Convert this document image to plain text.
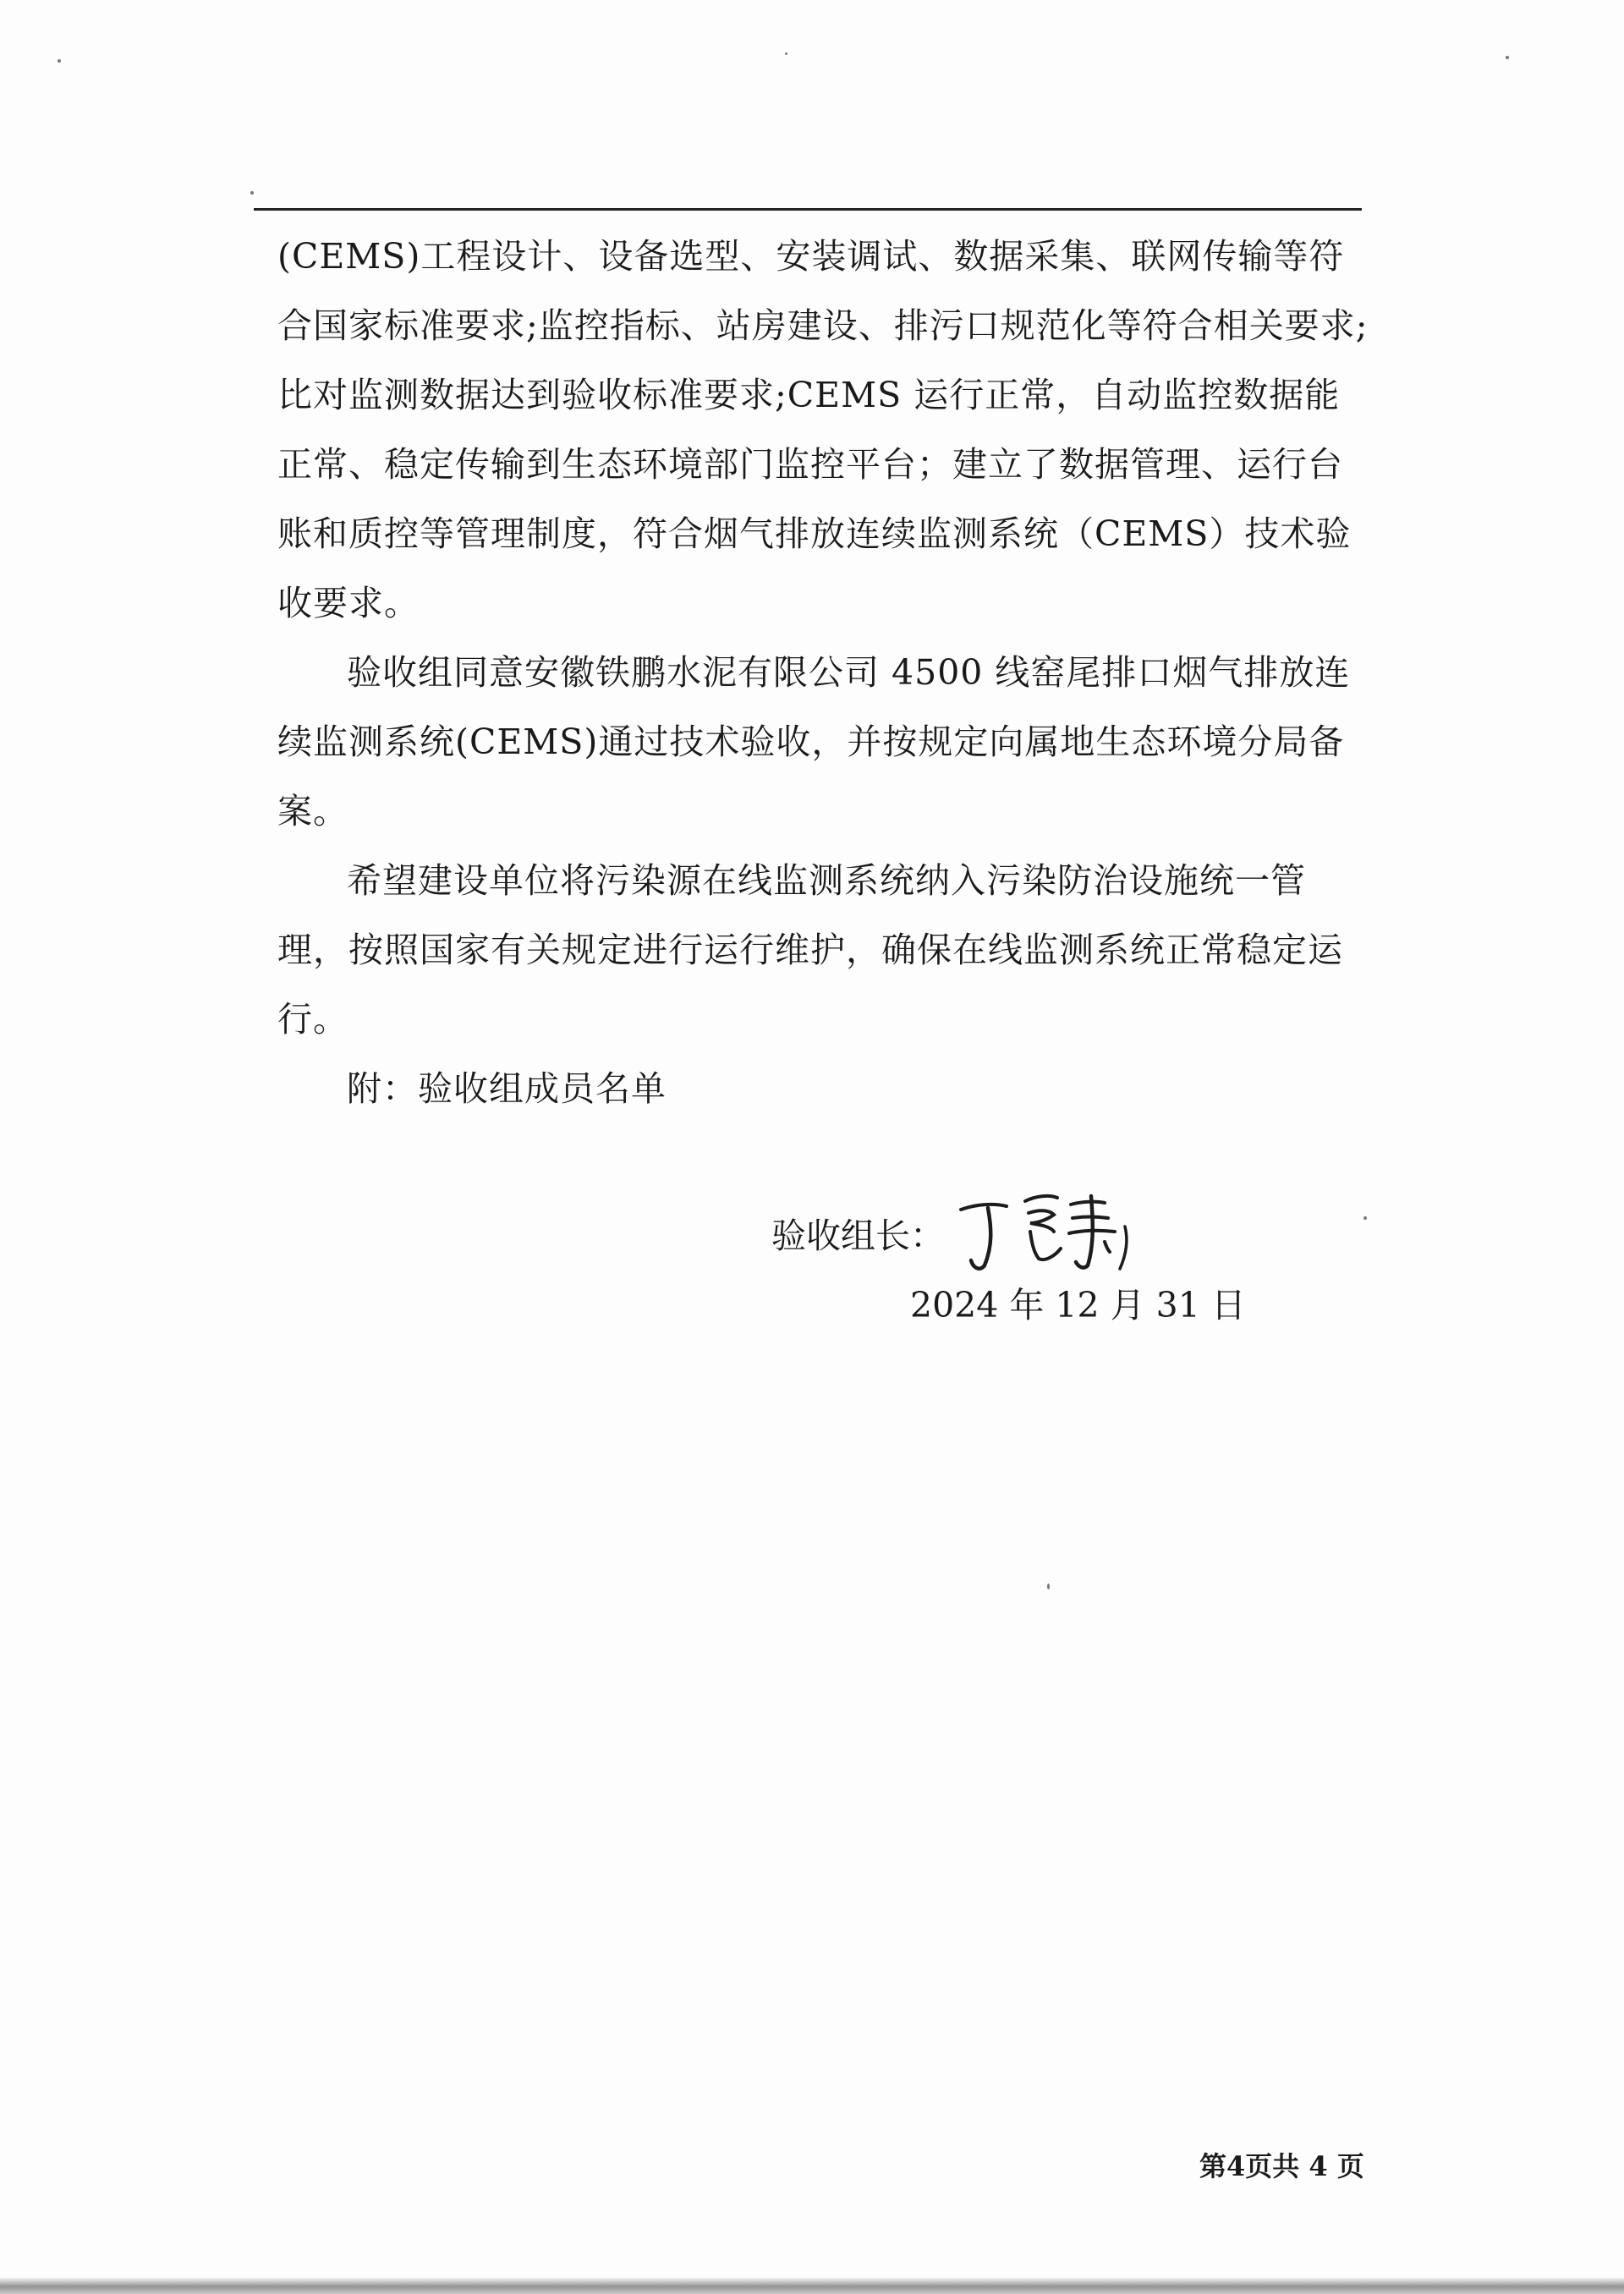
(CEMS)工程设计、设备选型、安装调试、数据采集、联网传输等符合国家标准要求;监控指标、站房建设、排污口规范化等符合相关要求;比对监测数据达到验收标准要求;CEMS 运行正常，自动监控数据能正常、稳定传输到生态环境部门监控平台；建立了数据管理、运行台账和质控等管理制度，符合烟气排放连续监测系统（CEMS）技术验收要求。

验收组同意安徽铁鹏水泥有限公司 4500 线窑尾排口烟气排放连续监测系统(CEMS)通过技术验收，并按规定向属地生态环境分局备案。

希望建设单位将污染源在线监测系统纳入污染防治设施统一管理，按照国家有关规定进行运行维护，确保在线监测系统正常稳定运行。

附：验收组成员名单

验收组长：
2024 年 12 月 31 日
第4页共 4 页
